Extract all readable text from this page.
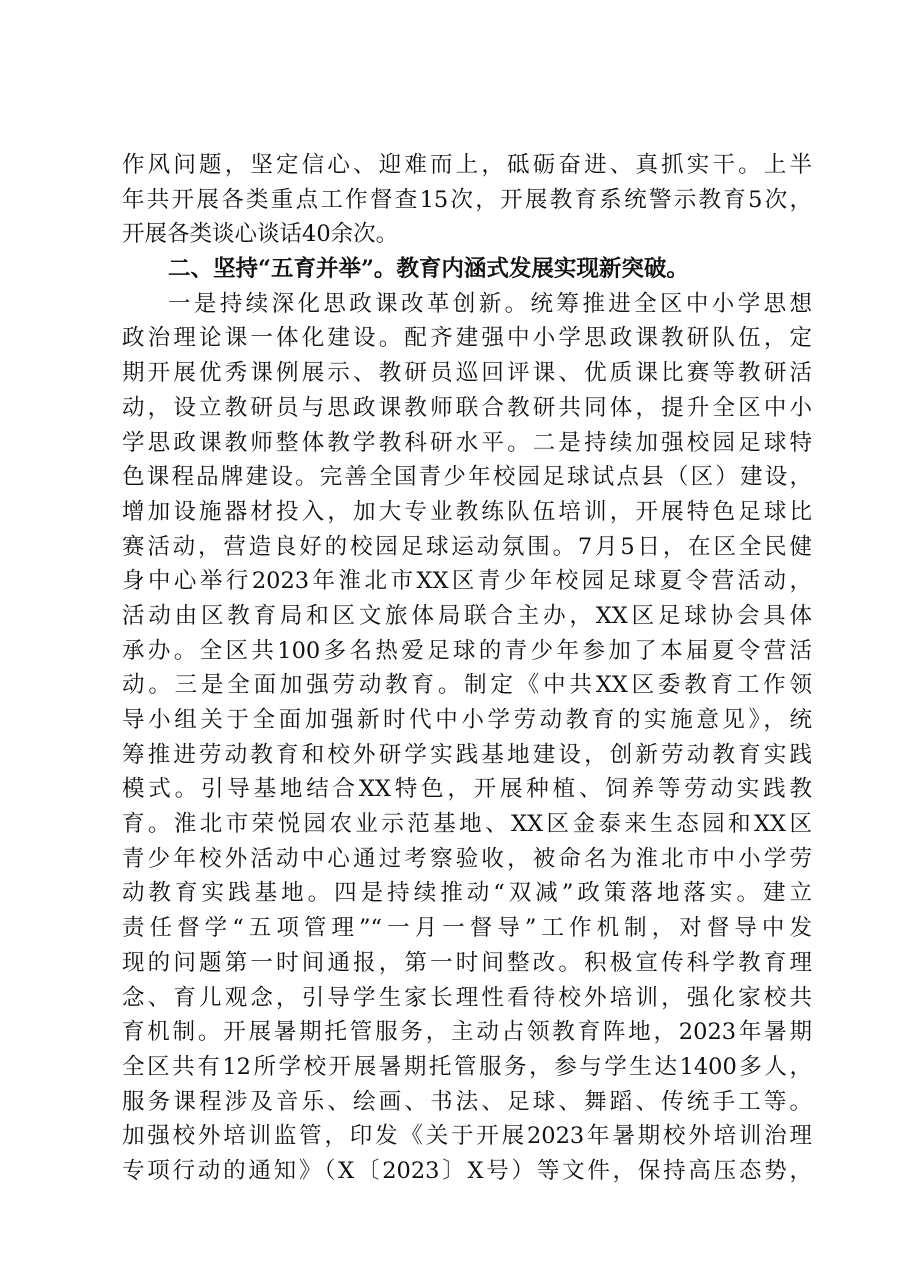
作风问题，坚定信心、迎难而上，砥砺奋进、真抓实干。上半
年共开展各类重点工作督查15次，开展教育系统警示教育5次，
开展各类谈心谈话40余次。
二、坚持“五育并举”。教育内涵式发展实现新突破。
一是持续深化思政课改革创新。统筹推进全区中小学思想
政治理论课一体化建设。配齐建强中小学思政课教研队伍，定
期开展优秀课例展示、教研员巡回评课、优质课比赛等教研活
动，设立教研员与思政课教师联合教研共同体，提升全区中小
学思政课教师整体教学教科研水平。二是持续加强校园足球特
色课程品牌建设。完善全国青少年校园足球试点县（区）建设，
增加设施器材投入，加大专业教练队伍培训，开展特色足球比
赛活动，营造良好的校园足球运动氛围。7月5日，在区全民健
身中心举行2023年淮北市XX区青少年校园足球夏令营活动，
活动由区教育局和区文旅体局联合主办，XX区足球协会具体
承办。全区共100多名热爱足球的青少年参加了本届夏令营活
动。三是全面加强劳动教育。制定《中共XX区委教育工作领
导小组关于全面加强新时代中小学劳动教育的实施意见》，统
筹推进劳动教育和校外研学实践基地建设，创新劳动教育实践
模式。引导基地结合XX特色，开展种植、饲养等劳动实践教
育。淮北市荣悦园农业示范基地、XX区金泰来生态园和XX区
青少年校外活动中心通过考察验收，被命名为淮北市中小学劳
动教育实践基地。四是持续推动“双减”政策落地落实。建立
责任督学“五项管理”“一月一督导”工作机制，对督导中发
现的问题第一时间通报，第一时间整改。积极宣传科学教育理
念、育儿观念，引导学生家长理性看待校外培训，强化家校共
育机制。开展暑期托管服务，主动占领教育阵地，2023年暑期
全区共有12所学校开展暑期托管服务，参与学生达1400多人，
服务课程涉及音乐、绘画、书法、足球、舞蹈、传统手工等。
加强校外培训监管，印发《关于开展2023年暑期校外培训治理
专项行动的通知》（X〔2023〕X号）等文件，保持高压态势，
